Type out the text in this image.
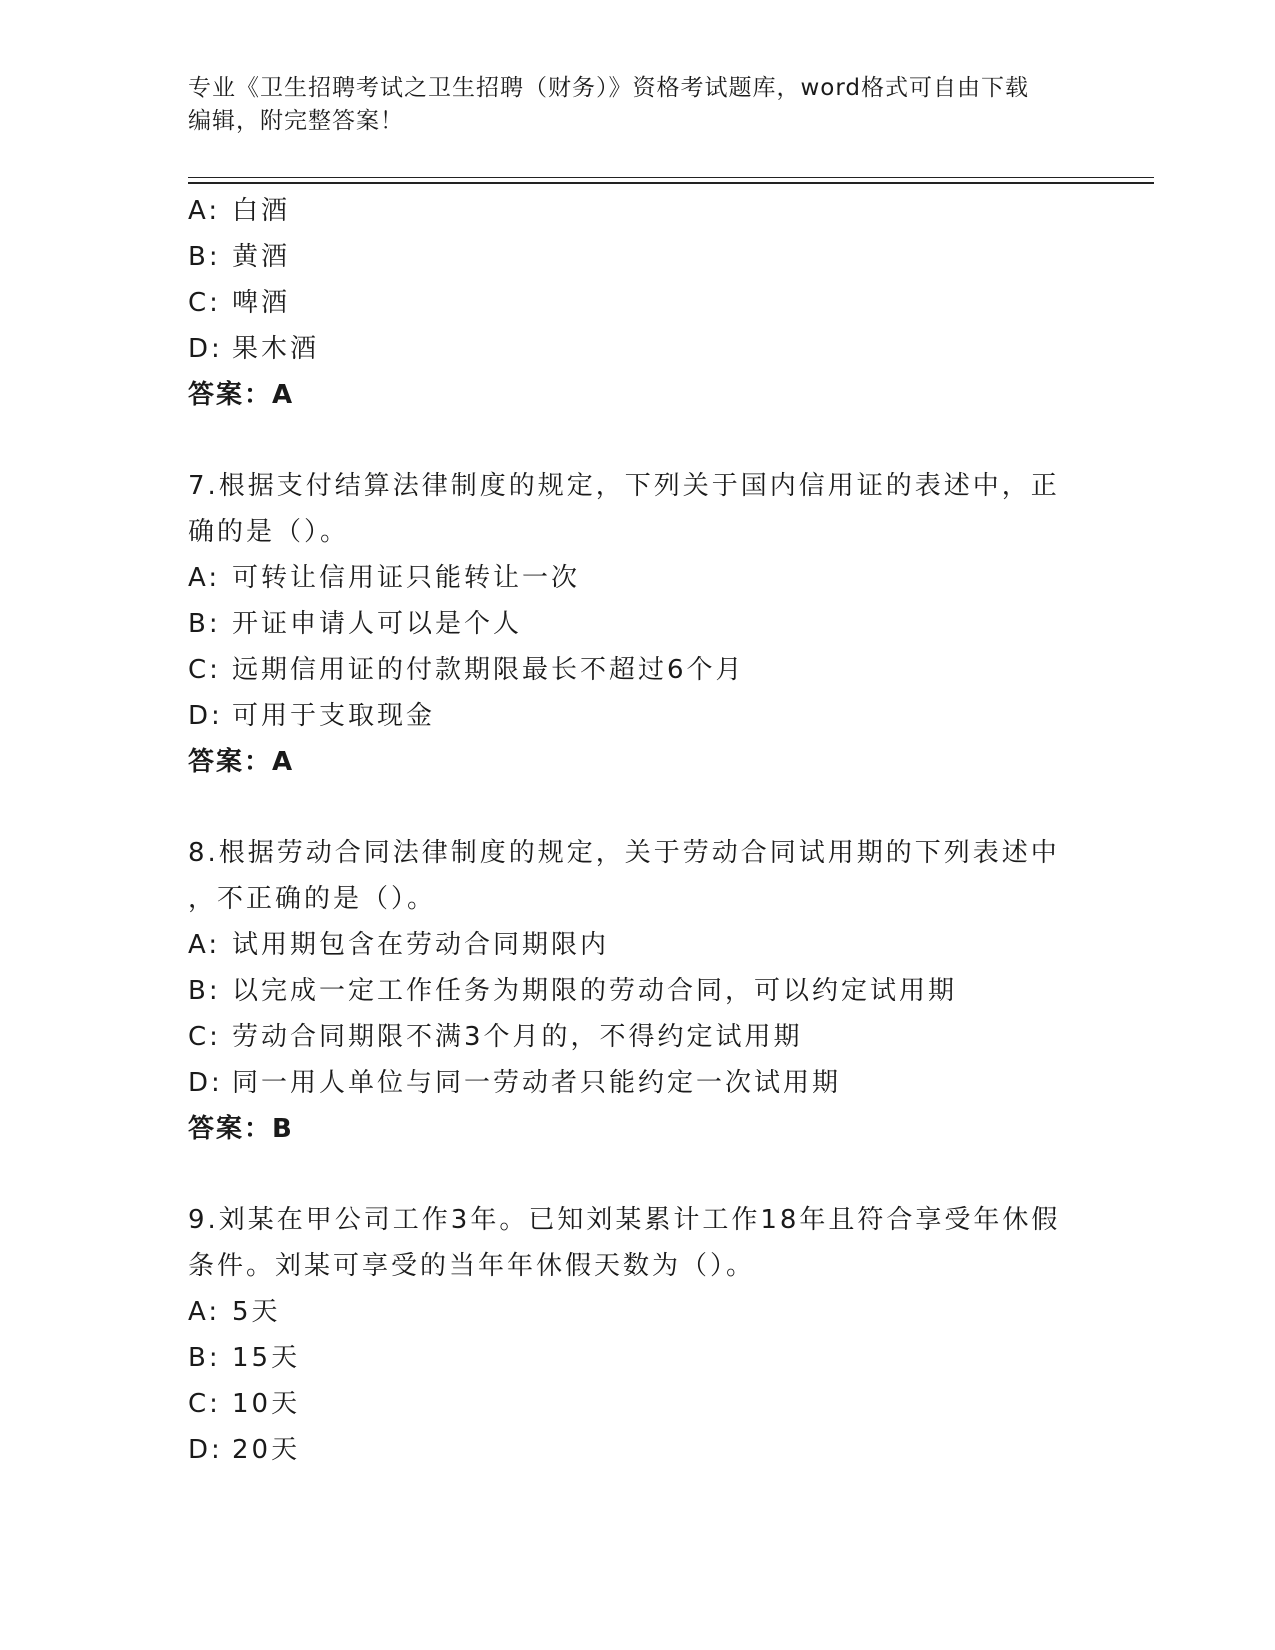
专业《卫生招聘考试之卫生招聘（财务）》资格考试题库，word格式可自由下载
编辑，附完整答案！
A: 白酒
B: 黄酒
C: 啤酒
D: 果木酒
答案：A
7.根据支付结算法律制度的规定，下列关于国内信用证的表述中，正
确的是（）。
A: 可转让信用证只能转让一次
B: 开证申请人可以是个人
C: 远期信用证的付款期限最长不超过6个月
D: 可用于支取现金
答案：A
8.根据劳动合同法律制度的规定，关于劳动合同试用期的下列表述中
，不正确的是（）。
A: 试用期包含在劳动合同期限内
B: 以完成一定工作任务为期限的劳动合同，可以约定试用期
C: 劳动合同期限不满3个月的，不得约定试用期
D: 同一用人单位与同一劳动者只能约定一次试用期
答案：B
9.刘某在甲公司工作3年。已知刘某累计工作18年且符合享受年休假
条件。刘某可享受的当年年休假天数为（）。
A: 5天
B: 15天
C: 10天
D: 20天
